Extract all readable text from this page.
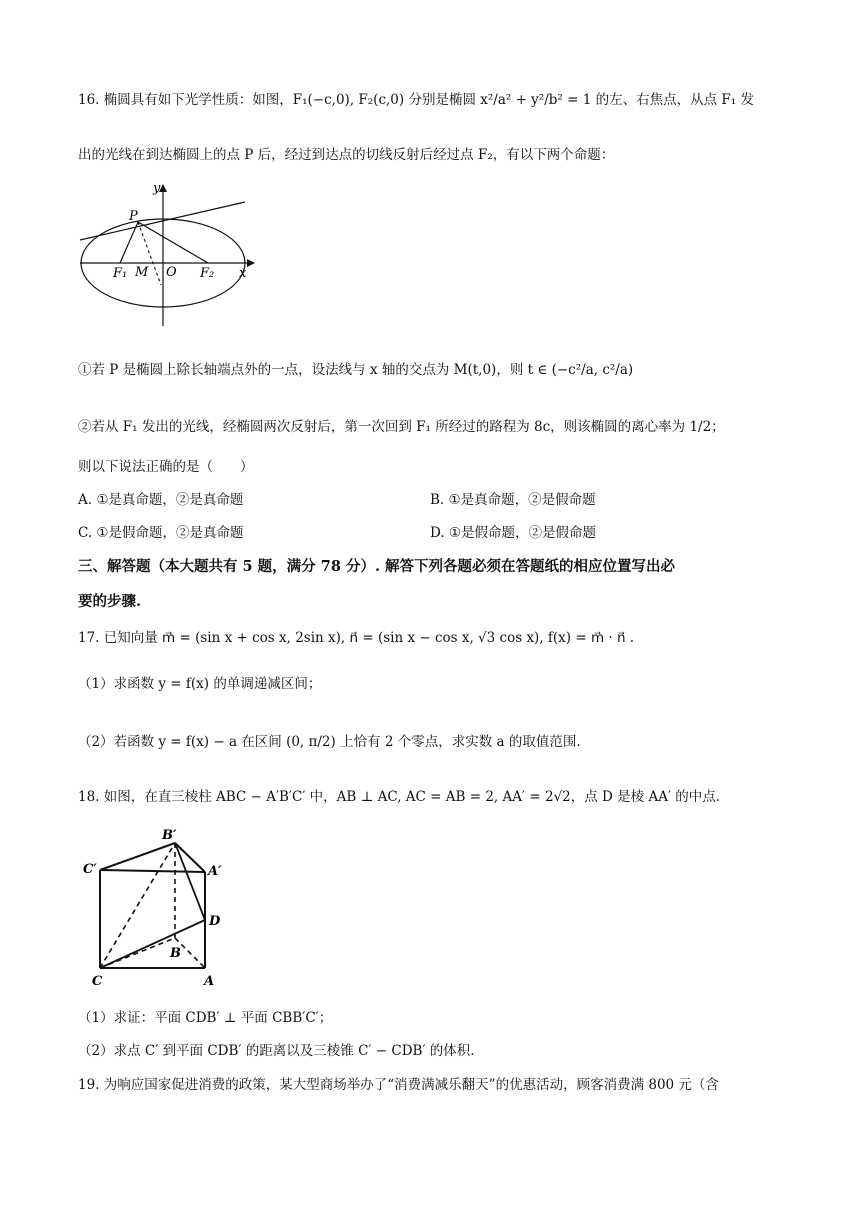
16. 椭圆具有如下光学性质：如图，F₁(−c,0), F₂(c,0) 分别是椭圆 x²/a² + y²/b² = 1 的左、右焦点，从点 F₁ 发
出的光线在到达椭圆上的点 P 后，经过到达点的切线反射后经过点 F₂，有以下两个命题：
y
P
F₁ M O F₂ x
①若 P 是椭圆上除长轴端点外的一点，设法线与 x 轴的交点为 M(t,0)，则 t ∈ (−c²/a, c²/a)
②若从 F₁ 发出的光线，经椭圆两次反射后，第一次回到 F₁ 所经过的路程为 8c，则该椭圆的离心率为 1/2；
则以下说法正确的是（　　）
A. ①是真命题，②是真命题	B. ①是真命题，②是假命题
C. ①是假命题，②是真命题	D. ①是假命题，②是假命题
三、解答题（本大题共有 5 题，满分 78 分）. 解答下列各题必须在答题纸的相应位置写出必
要的步骤.
17. 已知向量 m⃗ = (sin x + cos x, 2sin x), n⃗ = (sin x − cos x, √3 cos x), f(x) = m⃗ · n⃗ .
（1）求函数 y = f(x) 的单调递减区间；
（2）若函数 y = f(x) − a 在区间 (0, π/2) 上恰有 2 个零点，求实数 a 的取值范围.
18. 如图，在直三棱柱 ABC − A′B′C′ 中，AB ⊥ AC, AC = AB = 2, AA′ = 2√2，点 D 是棱 AA′ 的中点.
B′
C′	A′
D
B
C	A
（1）求证：平面 CDB′ ⊥ 平面 CBB′C′；
（2）求点 C′ 到平面 CDB′ 的距离以及三棱锥 C′ − CDB′ 的体积.
19. 为响应国家促进消费的政策，某大型商场举办了“消费满减乐翻天”的优惠活动，顾客消费满 800 元（含
